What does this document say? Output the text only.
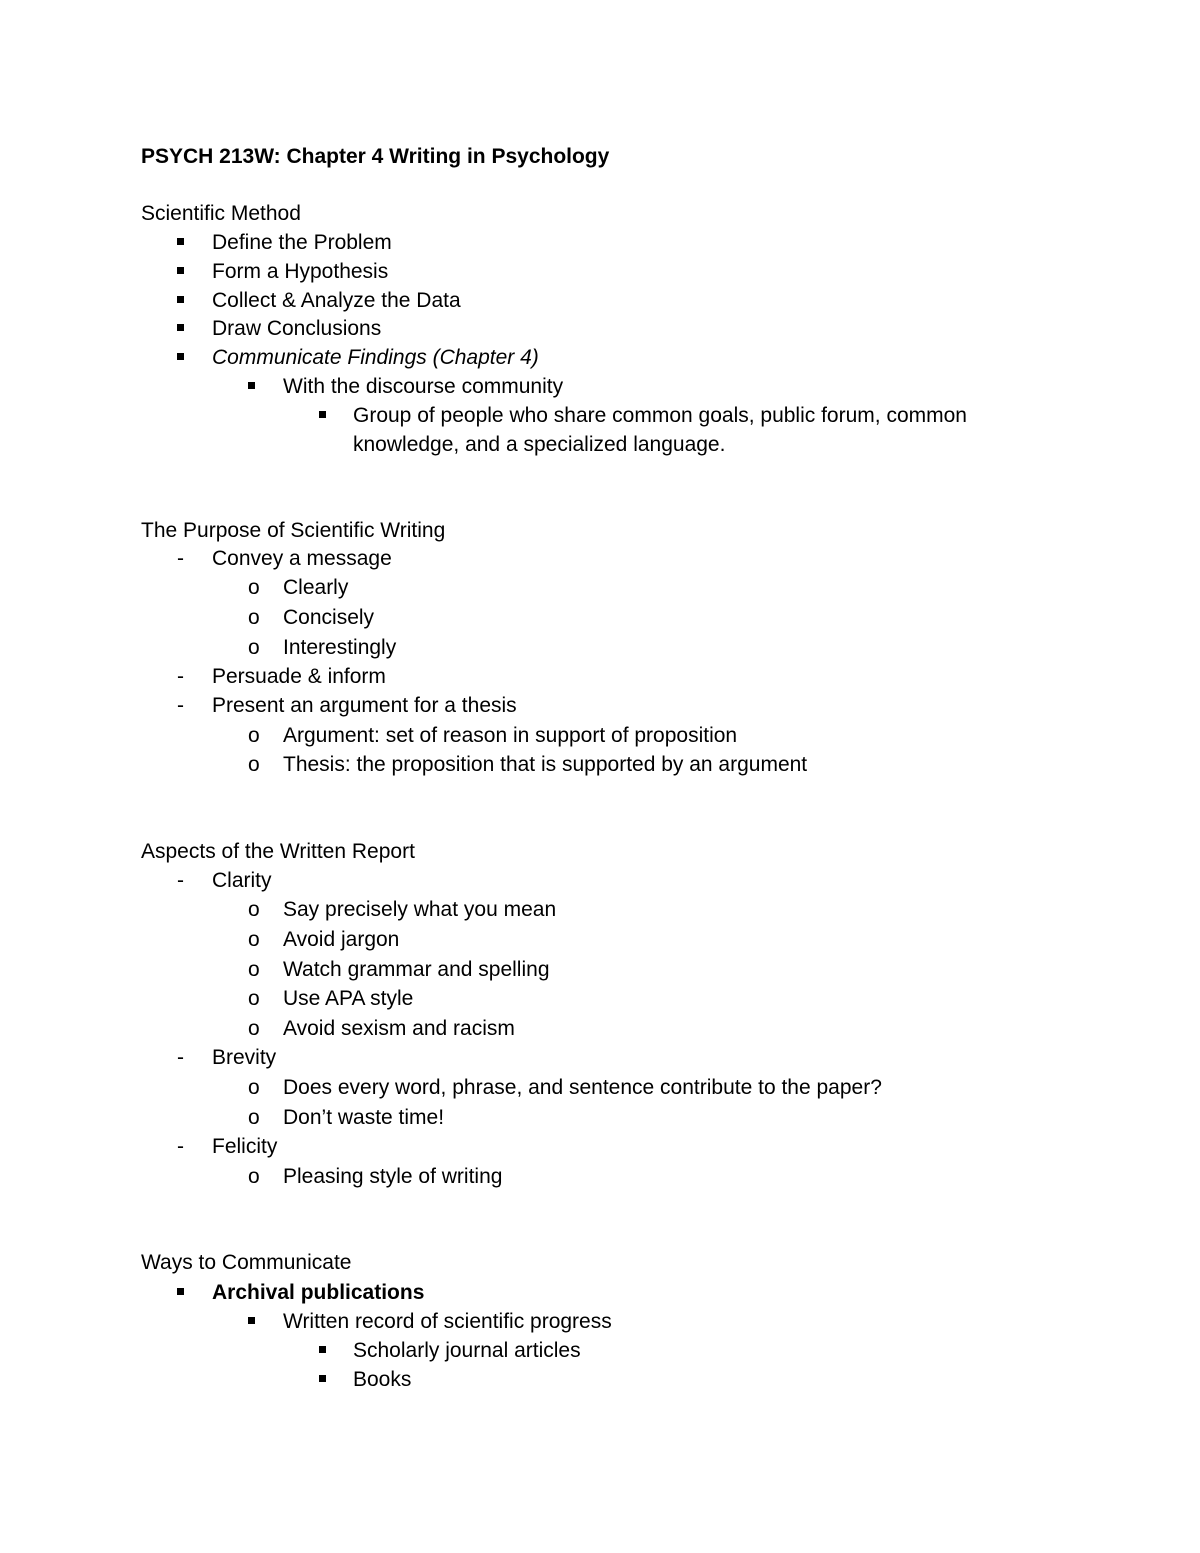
PSYCH 213W: Chapter 4 Writing in Psychology
Scientific Method
Define the Problem
Form a Hypothesis
Collect & Analyze the Data
Draw Conclusions
Communicate Findings (Chapter 4)
With the discourse community
Group of people who share common goals, public forum, common
knowledge, and a specialized language.
The Purpose of Scientific Writing
-	Convey a message
o	Clearly
o	Concisely
o	Interestingly
-	Persuade & inform
-	Present an argument for a thesis
o	Argument: set of reason in support of proposition
o	Thesis: the proposition that is supported by an argument
Aspects of the Written Report
-	Clarity
o	Say precisely what you mean
o	Avoid jargon
o	Watch grammar and spelling
o	Use APA style
o	Avoid sexism and racism
-	Brevity
o	Does every word, phrase, and sentence contribute to the paper?
o	Don’t waste time!
-	Felicity
o	Pleasing style of writing
Ways to Communicate
Archival publications
Written record of scientific progress
Scholarly journal articles
Books
